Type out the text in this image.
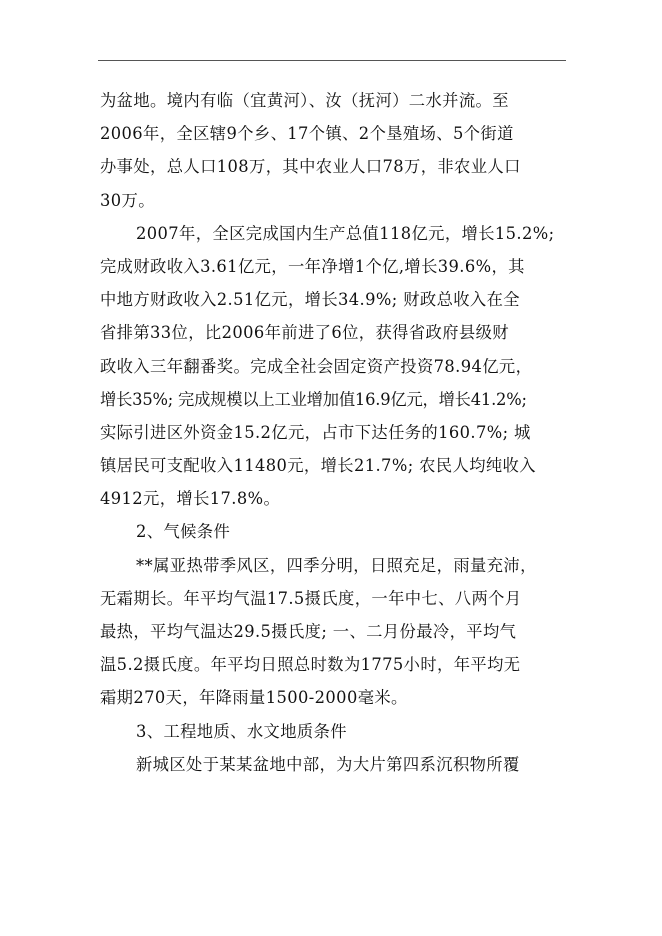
为盆地。境内有临（宜黄河）、汝（抚河）二水并流。至
2006年，全区辖9个乡、17个镇、2个垦殖场、5个街道
办事处，总人口108万，其中农业人口78万，非农业人口
30万。
2007年，全区完成国内生产总值118亿元，增长15.2%;
完成财政收入3.61亿元，一年净增1个亿,增长39.6%，其
中地方财政收入2.51亿元，增长34.9%; 财政总收入在全
省排第33位，比2006年前进了6位，获得省政府县级财
政收入三年翻番奖。完成全社会固定资产投资78.94亿元，
增长35%; 完成规模以上工业增加值16.9亿元，增长41.2%;
实际引进区外资金15.2亿元，占市下达任务的160.7%; 城
镇居民可支配收入11480元，增长21.7%; 农民人均纯收入
4912元，增长17.8%。
2、气候条件
**属亚热带季风区，四季分明，日照充足，雨量充沛，
无霜期长。年平均气温17.5摄氏度，一年中七、八两个月
最热，平均气温达29.5摄氏度; 一、二月份最冷，平均气
温5.2摄氏度。年平均日照总时数为1775小时，年平均无
霜期270天，年降雨量1500-2000毫米。
3、工程地质、水文地质条件
新城区处于某某盆地中部，为大片第四系沉积物所覆
